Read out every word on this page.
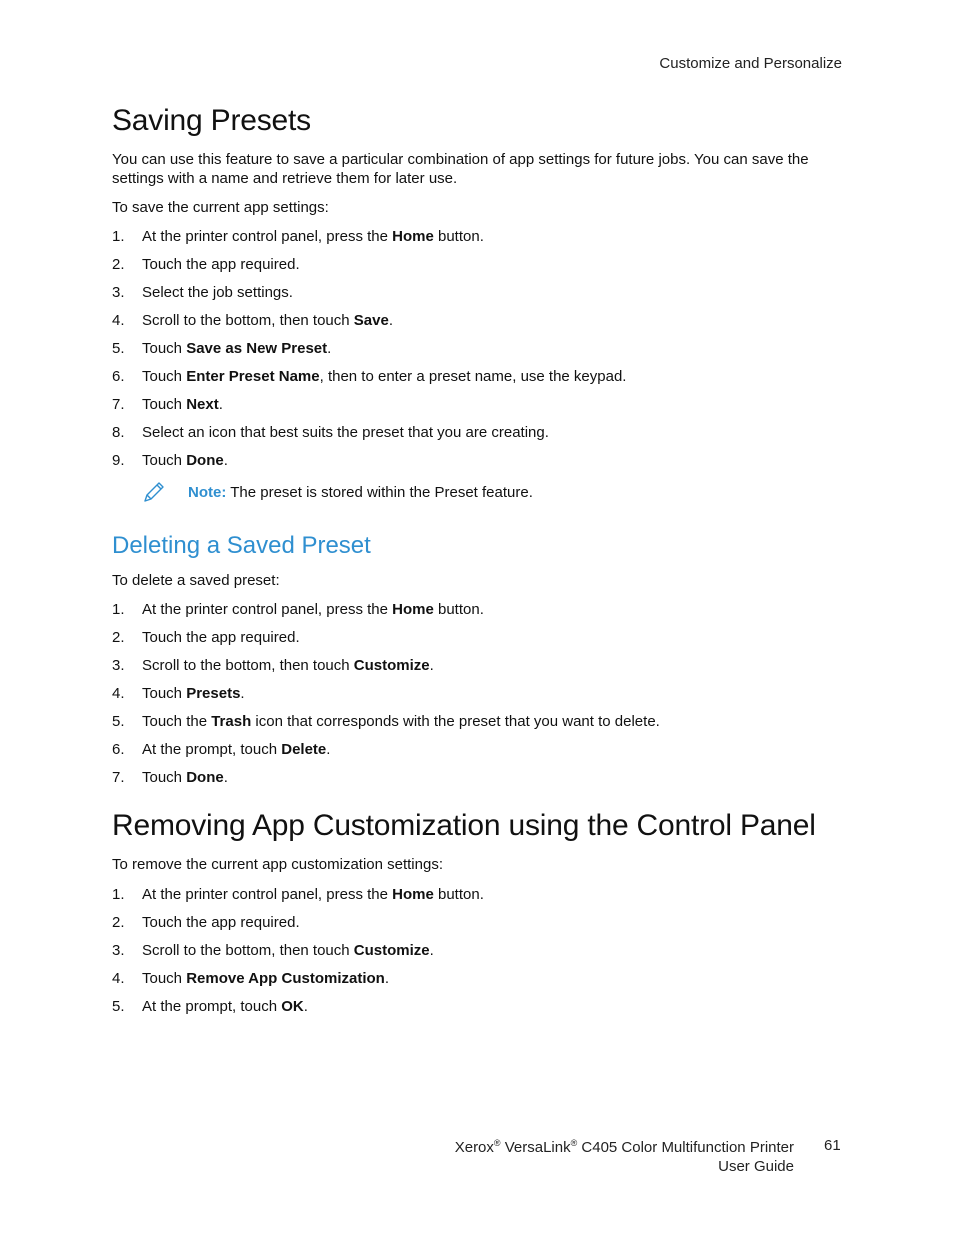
Customize and Personalize
Saving Presets

You can use this feature to save a particular combination of app settings for future jobs. You can save the settings with a name and retrieve them for later use.

To save the current app settings:

1. At the printer control panel, press the Home button.
2. Touch the app required.
3. Select the job settings.
4. Scroll to the bottom, then touch Save.
5. Touch Save as New Preset.
6. Touch Enter Preset Name, then to enter a preset name, use the keypad.
7. Touch Next.
8. Select an icon that best suits the preset that you are creating.
9. Touch Done.
Note: The preset is stored within the Preset feature.
Deleting a Saved Preset

To delete a saved preset:

1. At the printer control panel, press the Home button.
2. Touch the app required.
3. Scroll to the bottom, then touch Customize.
4. Touch Presets.
5. Touch the Trash icon that corresponds with the preset that you want to delete.
6. At the prompt, touch Delete.
7. Touch Done.
Removing App Customization using the Control Panel

To remove the current app customization settings:

1. At the printer control panel, press the Home button.
2. Touch the app required.
3. Scroll to the bottom, then touch Customize.
4. Touch Remove App Customization.
5. At the prompt, touch OK.
Xerox® VersaLink® C405 Color Multifunction Printer
User Guide
61
